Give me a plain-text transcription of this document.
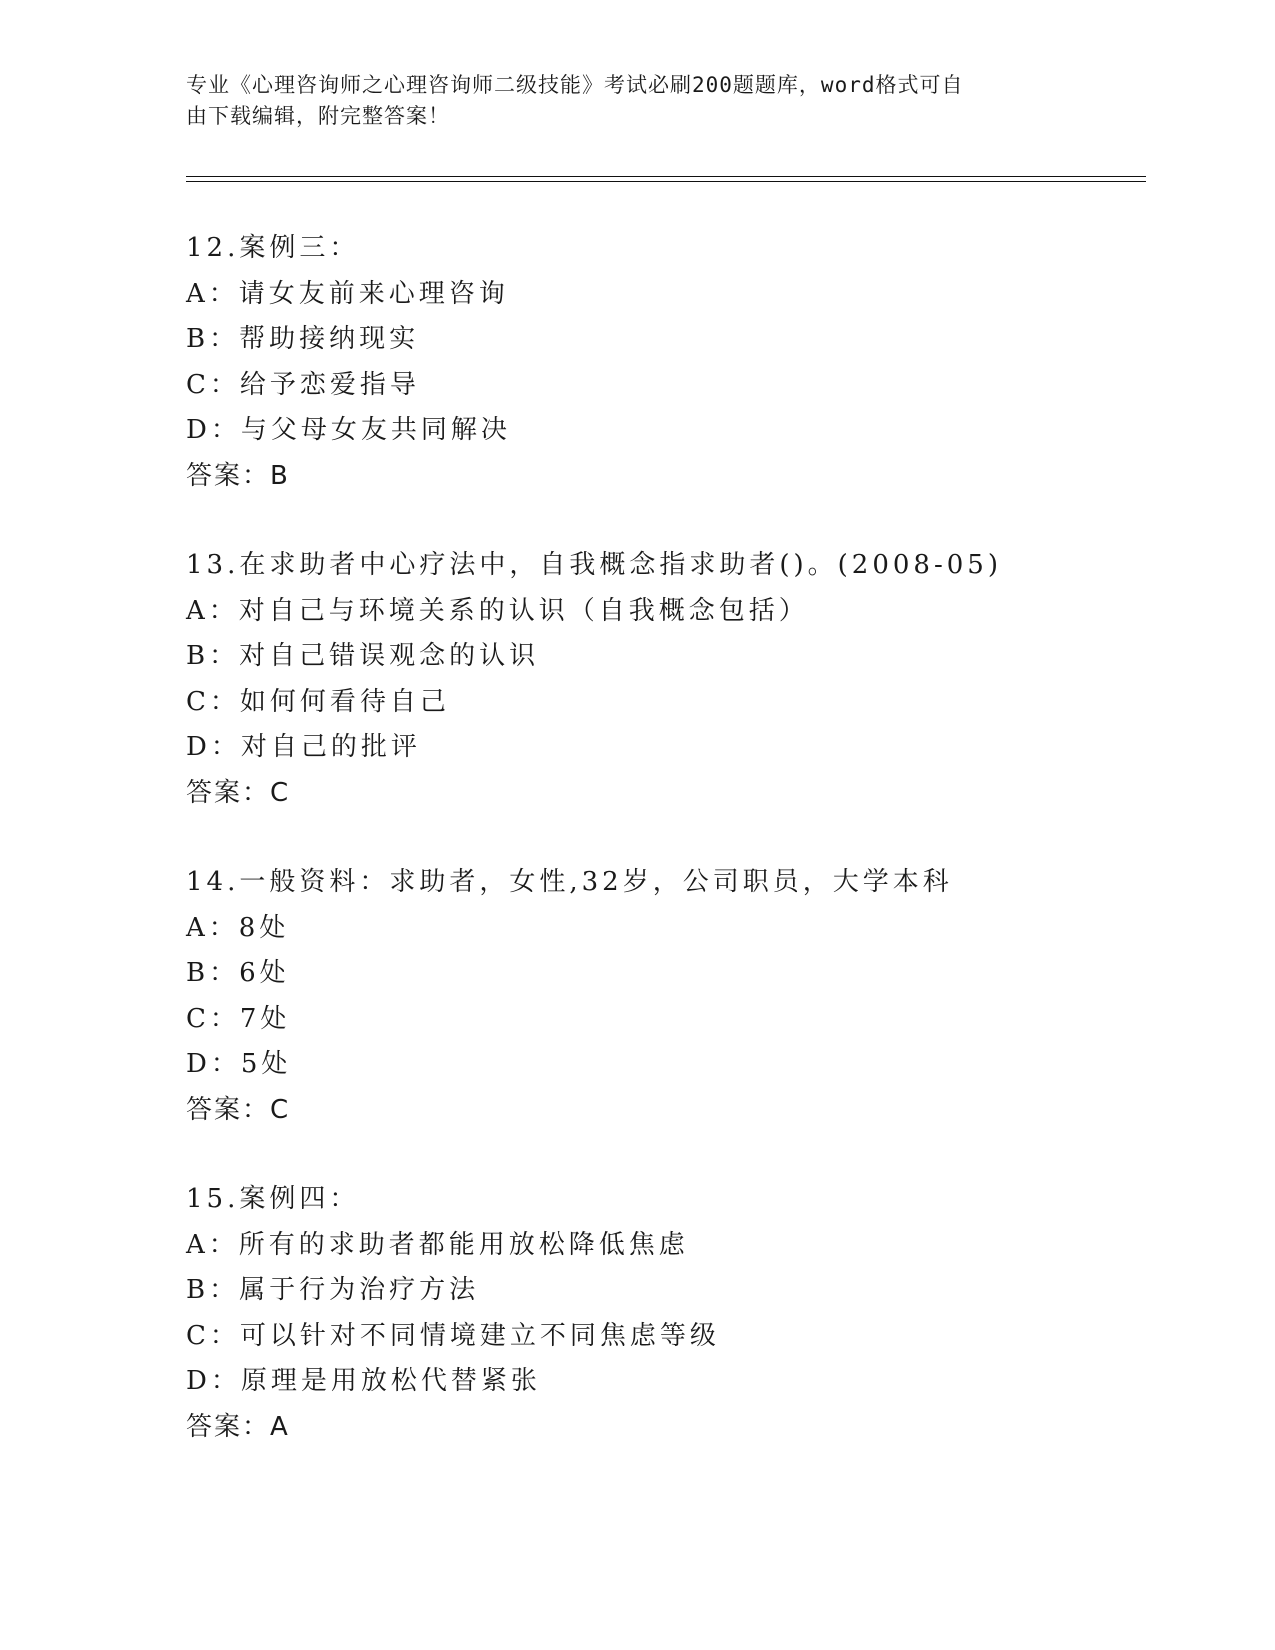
专业《心理咨询师之心理咨询师二级技能》考试必刷200题题库，word格式可自
由下载编辑，附完整答案！
12.案例三：
A：请女友前来心理咨询
B：帮助接纳现实
C：给予恋爱指导
D：与父母女友共同解决
答案：B
13.在求助者中心疗法中，自我概念指求助者()。(2008-05)
A：对自己与环境关系的认识（自我概念包括）
B：对自己错误观念的认识
C：如何何看待自己
D：对自己的批评
答案：C
14.一般资料：求助者，女性,32岁，公司职员，大学本科
A：8处
B：6处
C：7处
D：5处
答案：C
15.案例四：
A：所有的求助者都能用放松降低焦虑
B：属于行为治疗方法
C：可以针对不同情境建立不同焦虑等级
D：原理是用放松代替紧张
答案：A
